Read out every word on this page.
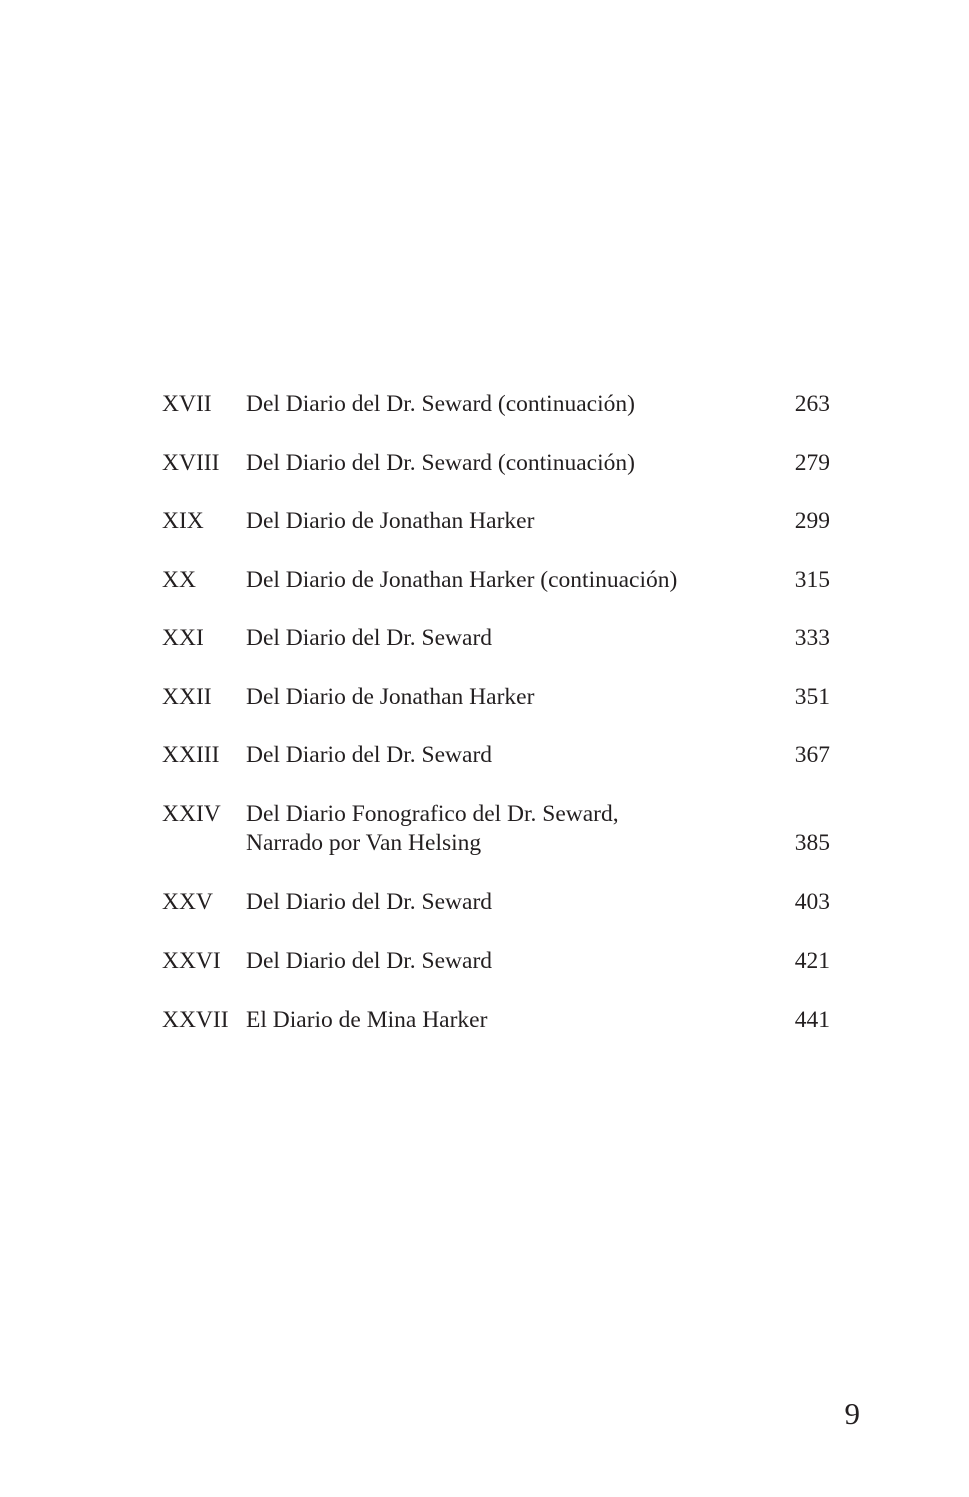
XVII Del Diario del Dr. Seward (continuación)	263
XVIII Del Diario del Dr. Seward (continuación)	279
XIX Del Diario de Jonathan Harker	299
XX Del Diario de Jonathan Harker (continuación)	315
XXI Del Diario del Dr. Seward	333
XXII Del Diario de Jonathan Harker	351
XXIII Del Diario del Dr. Seward	367
XXIV Del Diario Fonografico del Dr. Seward,
Narrado por Van Helsing	385
XXV Del Diario del Dr. Seward	403
XXVI Del Diario del Dr. Seward	421
XXVII El Diario de Mina Harker	441
9
